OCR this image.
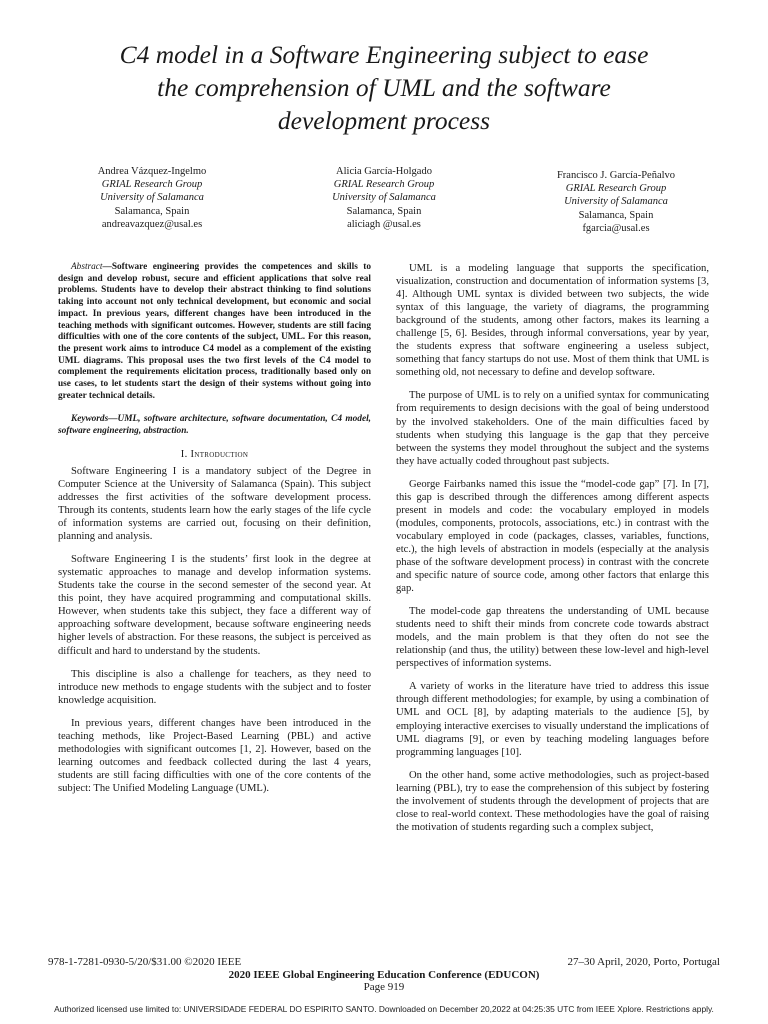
C4 model in a Software Engineering subject to ease
the comprehension of UML and the software
development process
Andrea Vázquez-Ingelmo
GRIAL Research Group
University of Salamanca
Salamanca, Spain
andreavazquez@usal.es
Alicia García-Holgado
GRIAL Research Group
University of Salamanca
Salamanca, Spain
aliciagh @usal.es
Francisco J. García-Peñalvo
GRIAL Research Group
University of Salamanca
Salamanca, Spain
fgarcia@usal.es

Abstract—Software engineering provides the competences and skills to design and develop robust, secure and efficient applications that solve real problems. Students have to develop their abstract thinking to find solutions taking into account not only technical development, but economic and social impact. In previous years, different changes have been introduced in the teaching methods with significant outcomes. However, students are still facing difficulties with one of the core contents of the subject, UML. For this reason, the present work aims to introduce C4 model as a complement of the existing UML diagrams. This proposal uses the two first levels of the C4 model to complement the requirements elicitation process, traditionally based only on use cases, to let students start the design of their systems without going into greater technical details.

Keywords—UML, software architecture, software documentation, C4 model, software engineering, abstraction.

I. Introduction

Software Engineering I is a mandatory subject of the Degree in Computer Science at the University of Salamanca (Spain). This subject addresses the first activities of the software development process. Through its contents, students learn how the early stages of the life cycle of information systems are carried out, focusing on their definition, planning and analysis.

Software Engineering I is the students’ first look in the degree at systematic approaches to manage and develop information systems. Students take the course in the second semester of the second year. At this point, they have acquired programming and computational skills. However, when students take this subject, they face a different way of approaching software development, because software engineering needs higher levels of abstraction. For these reasons, the subject is perceived as difficult and hard to understand by the students.

This discipline is also a challenge for teachers, as they need to introduce new methods to engage students with the subject and to foster knowledge acquisition.

In previous years, different changes have been introduced in the teaching methods, like Project-Based Learning (PBL) and active methodologies with significant outcomes [1, 2]. However, based on the learning outcomes and feedback collected during the last 4 years, students are still facing difficulties with one of the core contents of the subject: The Unified Modeling Language (UML).

UML is a modeling language that supports the specification, visualization, construction and documentation of information systems [3, 4]. Although UML syntax is divided between two subjects, the wide syntax of this language, the variety of diagrams, the programming background of the students, among other factors, makes its learning a challenge [5, 6]. Besides, through informal conversations, year by year, the students express that software engineering a useless subject, something that fancy startups do not use. Most of them think that UML is something old, not necessary to define and develop software.

The purpose of UML is to rely on a unified syntax for communicating from requirements to design decisions with the goal of being understood by the involved stakeholders. One of the main difficulties faced by students when studying this language is the gap that they perceive between the systems they model throughout the subject and the systems they have actually coded throughout past subjects.

George Fairbanks named this issue the “model-code gap” [7]. In [7], this gap is described through the differences among different aspects present in models and code: the vocabulary employed in models (modules, components, protocols, associations, etc.) in contrast with the vocabulary employed in code (packages, classes, variables, functions, etc.), the high levels of abstraction in models (especially at the analysis phase of the software development process) in contrast with the concrete and specific nature of source code, among other factors that enlarge this gap.

The model-code gap threatens the understanding of UML because students need to shift their minds from concrete code towards abstract models, and the main problem is that they often do not see the relationship (and thus, the utility) between these low-level and high-level perspectives of information systems.

A variety of works in the literature have tried to address this issue through different methodologies; for example, by using a combination of UML and OCL [8], by adapting materials to the audience [5], by employing interactive exercises to visually understand the implications of UML diagrams [9], or even by teaching modeling languages before programming languages [10].

On the other hand, some active methodologies, such as project-based learning (PBL), try to ease the comprehension of this subject by fostering the involvement of students through the development of projects that are close to real-world context. These methodologies have the goal of raising the motivation of students regarding such a complex subject,

978-1-7281-0930-5/20/$31.00 ©2020 IEEE	27–30 April, 2020, Porto, Portugal
2020 IEEE Global Engineering Education Conference (EDUCON)
Page 919
Authorized licensed use limited to: UNIVERSIDADE FEDERAL DO ESPIRITO SANTO. Downloaded on December 20,2022 at 04:25:35 UTC from IEEE Xplore. Restrictions apply.
